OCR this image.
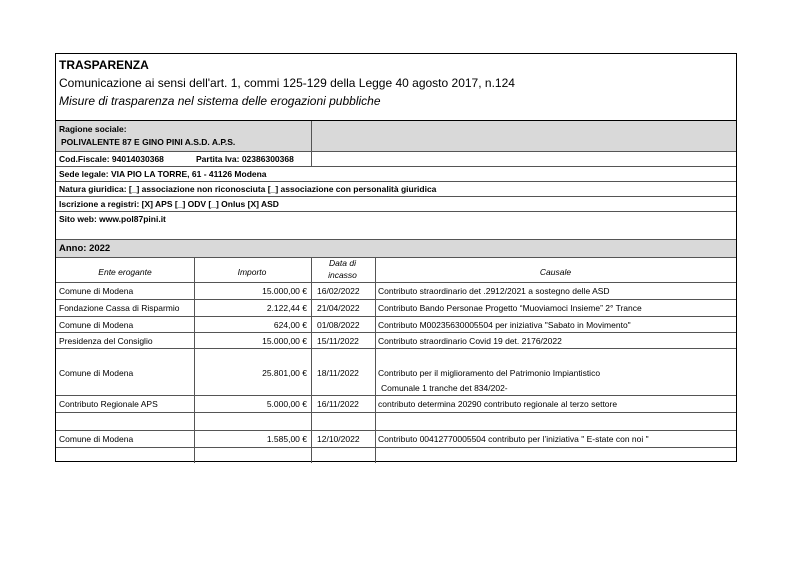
TRASPARENZA
Comunicazione ai sensi dell'art. 1, commi 125-129 della Legge 40 agosto 2017, n.124
Misure di trasparenza nel sistema delle erogazioni pubbliche
Ragione sociale:
POLIVALENTE 87 E GINO PINI A.S.D. A.P.S.
Cod.Fiscale: 94014030368	Partita Iva: 02386300368
Sede legale: VIA PIO LA TORRE, 61 - 41126 Modena
Natura giuridica: [_] associazione non riconosciuta [_] associazione con personalità giuridica
Iscrizione a registri: [X] APS [_] ODV [_] Onlus [X] ASD
Sito web: www.pol87pini.it
Anno: 2022
Ente erogante	Importo
Data di
incasso	Causale
Comune di Modena	15.000,00 € 16/02/2022 Contributo straordinario det .2912/2021 a sostegno delle ASD
Fondazione Cassa di Risparmio	2.122,44 € 21/04/2022 Contributo Bando Personae Progetto “Muoviamoci Insieme” 2° Trance
Comune di Modena	624,00 € 01/08/2022 Contributo M00235630005504 per iniziativa "Sabato in Movimento"
Presidenza del Consiglio	15.000,00 € 15/11/2022 Contributo straordinario Covid 19 det. 2176/2022
Comune di Modena	25.801,00 € 18/11/2022 Contributo per il miglioramento del Patrimonio Impiantistico
Comunale 1 tranche det 834/202-
Contributo Regionale APS	5.000,00 € 16/11/2022 contributo determina 20290 contributo regionale al terzo settore
Comune di Modena	1.585,00 € 12/10/2022 Contributo 00412770005504 contributo per l’iniziativa " E-state con noi "
